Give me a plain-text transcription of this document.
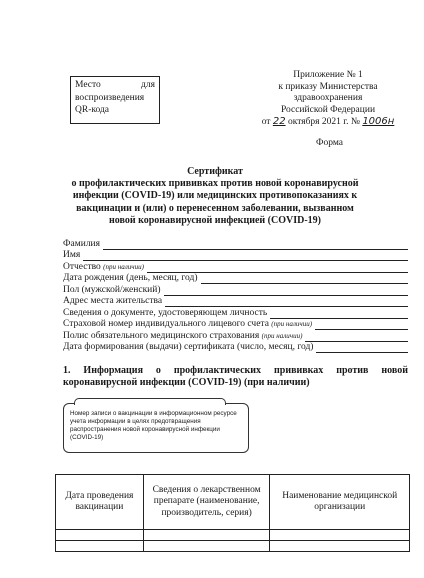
Место	для
воспроизведения
QR-кода
Приложение № 1
к приказу Министерства
здравоохранения
Российской Федерации
от 22 октября 2021 г. № 1006н
Форма
Сертификат
о профилактических прививках против новой коронавирусной
инфекции (COVID-19) или медицинских противопоказаниях к
вакцинации и (или) о перенесенном заболевании, вызванном
новой коронавирусной инфекцией (COVID-19)
Фамилия
Имя
Отчество (при наличии)
Дата рождения (день, месяц, год)
Пол (мужской/женский)
Адрес места жительства
Сведения о документе, удостоверяющем личность
Страховой номер индивидуального лицевого счета (при наличии)
Полис обязательного медицинского страхования (при наличии)
Дата формирования (выдачи) сертификата (число, месяц, год)
1. Информация о профилактических прививках против новой коронавирусной инфекции (COVID-19) (при наличии)
Номер записи о вакцинации в информационном ресурсе учета информации в целях предотвращения распространения новой коронавирусной инфекции (COVID-19)
Дата проведения вакцинации	Сведения о лекарственном препарате (наименование, производитель, серия)	Наименование медицинской организации
